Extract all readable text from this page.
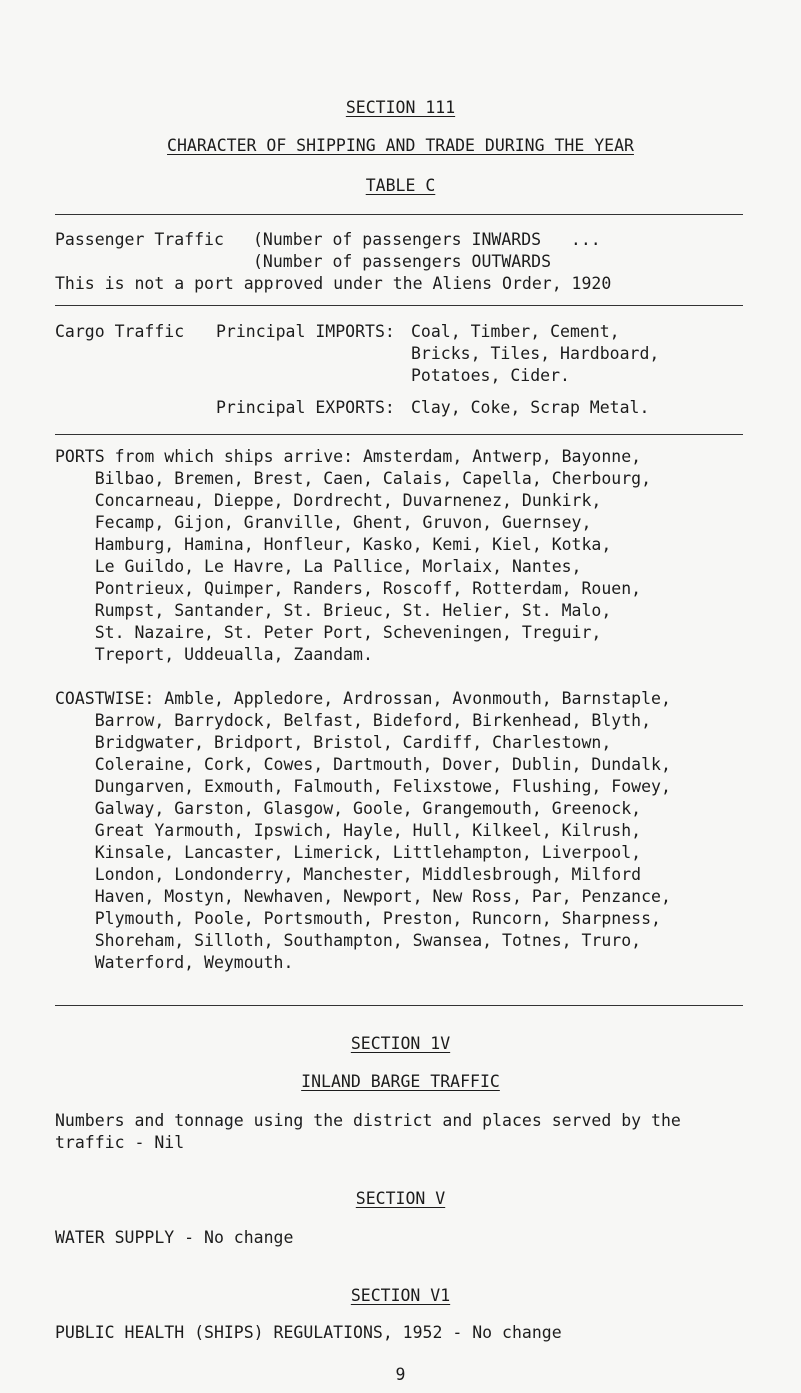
SECTION 111
CHARACTER OF SHIPPING AND TRADE DURING THE YEAR
TABLE C
Passenger Traffic (Number of passengers INWARDS   ...
(Number of passengers OUTWARDS
This is not a port approved under the Aliens Order, 1920
Cargo Traffic Principal IMPORTS: Coal, Timber, Cement,
Bricks, Tiles, Hardboard,
Potatoes, Cider.
Principal EXPORTS: Clay, Coke, Scrap Metal.
PORTS from which ships arrive: Amsterdam, Antwerp, Bayonne,
Bilbao, Bremen, Brest, Caen, Calais, Capella, Cherbourg,
Concarneau, Dieppe, Dordrecht, Duvarnenez, Dunkirk,
Fecamp, Gijon, Granville, Ghent, Gruvon, Guernsey,
Hamburg, Hamina, Honfleur, Kasko, Kemi, Kiel, Kotka,
Le Guildo, Le Havre, La Pallice, Morlaix, Nantes,
Pontrieux, Quimper, Randers, Roscoff, Rotterdam, Rouen,
Rumpst, Santander, St. Brieuc, St. Helier, St. Malo,
St. Nazaire, St. Peter Port, Scheveningen, Treguir,
Treport, Uddeualla, Zaandam.
COASTWISE: Amble, Appledore, Ardrossan, Avonmouth, Barnstaple,
Barrow, Barrydock, Belfast, Bideford, Birkenhead, Blyth,
Bridgwater, Bridport, Bristol, Cardiff, Charlestown,
Coleraine, Cork, Cowes, Dartmouth, Dover, Dublin, Dundalk,
Dungarven, Exmouth, Falmouth, Felixstowe, Flushing, Fowey,
Galway, Garston, Glasgow, Goole, Grangemouth, Greenock,
Great Yarmouth, Ipswich, Hayle, Hull, Kilkeel, Kilrush,
Kinsale, Lancaster, Limerick, Littlehampton, Liverpool,
London, Londonderry, Manchester, Middlesbrough, Milford
Haven, Mostyn, Newhaven, Newport, New Ross, Par, Penzance,
Plymouth, Poole, Portsmouth, Preston, Runcorn, Sharpness,
Shoreham, Silloth, Southampton, Swansea, Totnes, Truro,
Waterford, Weymouth.
SECTION 1V
INLAND BARGE TRAFFIC
Numbers and tonnage using the district and places served by the
traffic - Nil
SECTION V
WATER SUPPLY - No change
SECTION V1
PUBLIC HEALTH (SHIPS) REGULATIONS, 1952 - No change
9
